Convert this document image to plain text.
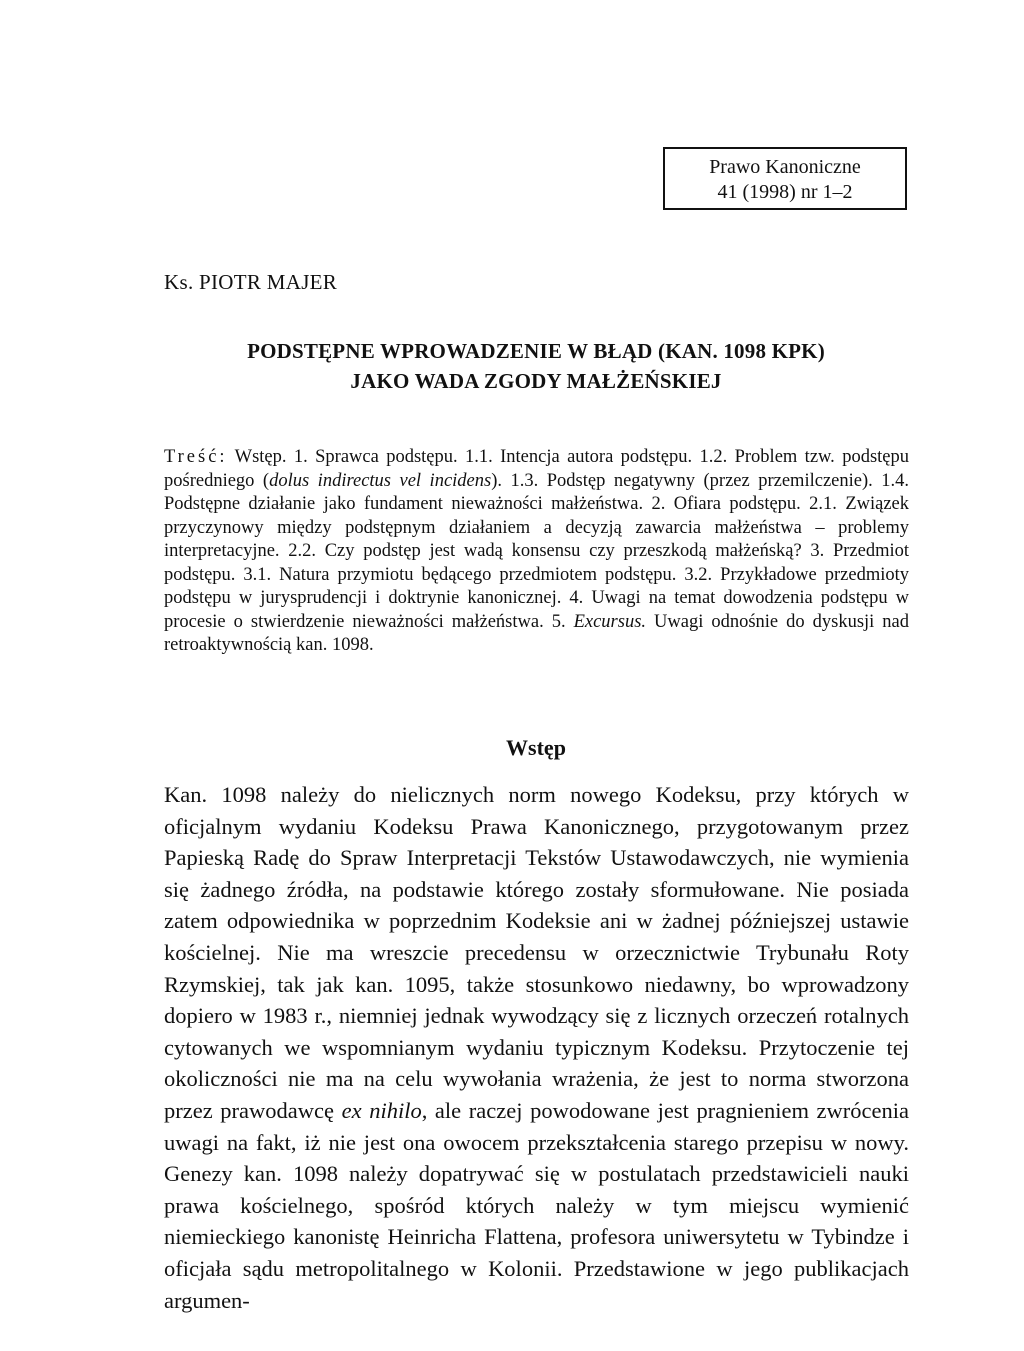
Prawo Kanoniczne
41 (1998) nr 1–2
Ks. PIOTR MAJER
PODSTĘPNE WPROWADZENIE W BŁĄD (KAN. 1098 KPK)
JAKO WADA ZGODY MAŁŻEŃSKIEJ
Treść: Wstęp. 1. Sprawca podstępu. 1.1. Intencja autora podstępu. 1.2. Problem tzw. podstępu pośredniego (dolus indirectus vel incidens). 1.3. Podstęp negatywny (przez przemilczenie). 1.4. Podstępne działanie jako fundament nieważności małżeństwa. 2. Ofiara podstępu. 2.1. Związek przyczynowy między podstępnym działaniem a decyzją zawarcia małżeństwa – problemy interpretacyjne. 2.2. Czy podstęp jest wadą konsensu czy przeszkodą małżeńską? 3. Przedmiot podstępu. 3.1. Natura przymiotu będącego przedmiotem podstępu. 3.2. Przykładowe przedmioty podstępu w jurysprudencji i doktrynie kanonicznej. 4. Uwagi na temat dowodzenia podstępu w procesie o stwierdzenie nieważności małżeństwa. 5. Excursus. Uwagi odnośnie do dyskusji nad retroaktywnością kan. 1098.
Wstęp
Kan. 1098 należy do nielicznych norm nowego Kodeksu, przy których w oficjalnym wydaniu Kodeksu Prawa Kanonicznego, przygotowanym przez Papieską Radę do Spraw Interpretacji Tekstów Ustawodawczych, nie wymienia się żadnego źródła, na podstawie którego zostały sformułowane. Nie posiada zatem odpowiednika w poprzednim Kodeksie ani w żadnej późniejszej ustawie kościelnej. Nie ma wreszcie precedensu w orzecznictwie Trybunału Roty Rzymskiej, tak jak kan. 1095, także stosunkowo niedawny, bo wprowadzony dopiero w 1983 r., niemniej jednak wywodzący się z licznych orzeczeń rotalnych cytowanych we wspomnianym wydaniu typicznym Kodeksu. Przytoczenie tej okoliczności nie ma na celu wywołania wrażenia, że jest to norma stworzona przez prawodawcę ex nihilo, ale raczej powodowane jest pragnieniem zwrócenia uwagi na fakt, iż nie jest ona owocem przekształcenia starego przepisu w nowy. Genezy kan. 1098 należy dopatrywać się w postulatach przedstawicieli nauki prawa kościelnego, spośród których należy w tym miejscu wymienić niemieckiego kanonistę Heinricha Flattena, profesora uniwersytetu w Tybindze i oficjała sądu metropolitalnego w Kolonii. Przedstawione w jego publikacjach argumen-
